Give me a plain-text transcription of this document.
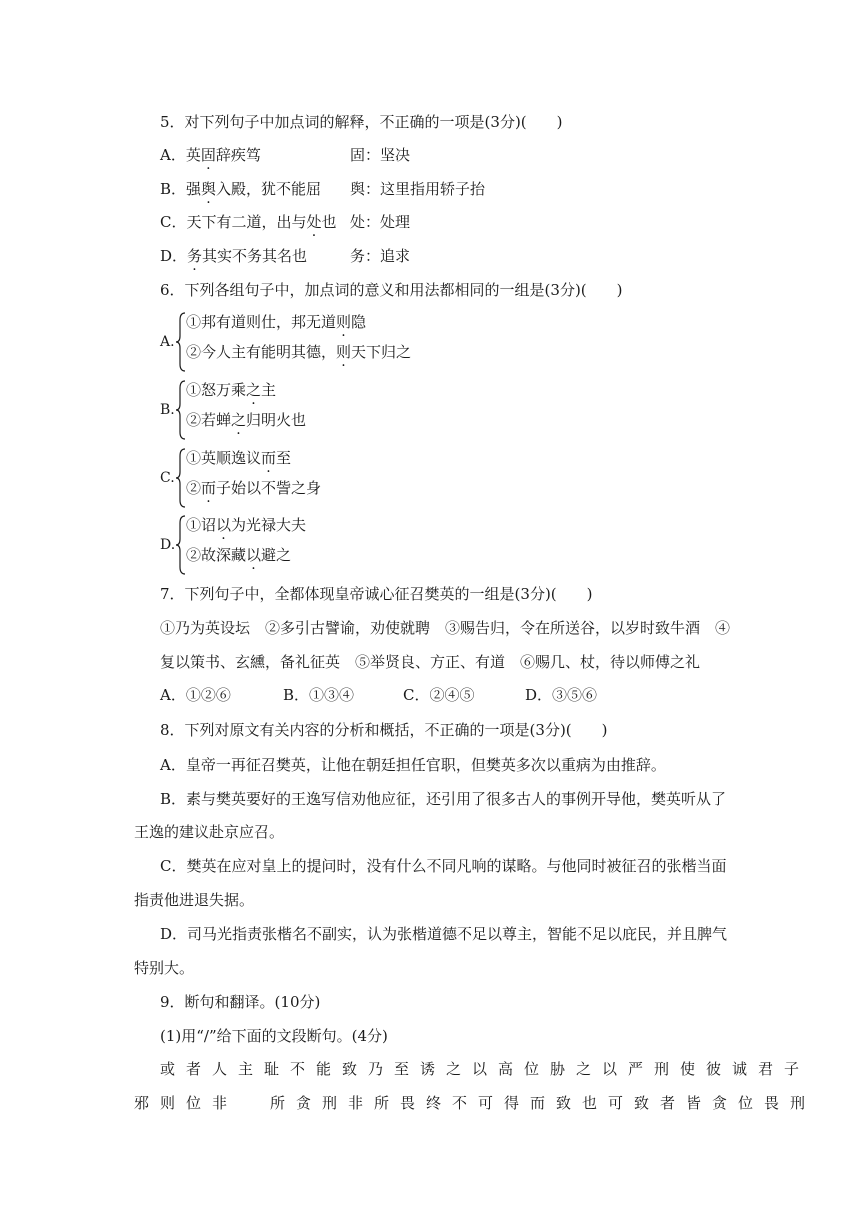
5．对下列句子中加点词的解释，不正确的一项是(3分)(　　)
A．英固辞疾笃	固：坚决
B．强舆入殿，犹不能屈 舆：这里指用轿子抬
C．天下有二道，出与处也 处：处理
D．务其实不务其名也	务：追求
6．下列各组句子中，加点词的意义和用法都相同的一组是(3分)(　　)
A.
①邦有道则仕，邦无道则隐
②今人主有能明其德，则天下归之
B.
①怒万乘之主
②若蝉之归明火也
C.
①英顺逸议而至
②而子始以不訾之身
D.
①诏以为光禄大夫
②故深藏以避之
7．下列句子中，全都体现皇帝诚心征召樊英的一组是(3分)(　　)
①乃为英设坛　②多引古譬谕，劝使就聘　③赐告归，令在所送谷，以岁时致牛酒　④
复以策书、玄纁，备礼征英　⑤举贤良、方正、有道　⑥赐几、杖，待以师傅之礼
A．①②⑥	B．①③④	C．②④⑤	D．③⑤⑥
8．下列对原文有关内容的分析和概括，不正确的一项是(3分)(　　)
A．皇帝一再征召樊英，让他在朝廷担任官职，但樊英多次以重病为由推辞。
B．素与樊英要好的王逸写信劝他应征，还引用了很多古人的事例开导他，樊英听从了
王逸的建议赴京应召。
C．樊英在应对皇上的提问时，没有什么不同凡响的谋略。与他同时被征召的张楷当面
指责他进退失据。
D．司马光指责张楷名不副实，认为张楷道德不足以尊主，智能不足以庇民，并且脾气
特别大。
9．断句和翻译。(10分)
(1)用“/”给下面的文段断句。(4分)
或者人主耻不能致乃至诱之以高位胁之以严刑使彼诚君子
邪则位非 所贪刑非所畏终不可得而致也可致者皆贪位畏刑
